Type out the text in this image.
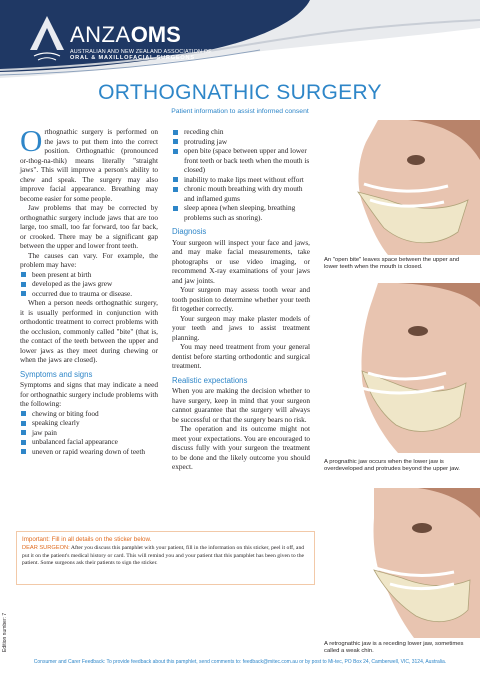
ANZAOMS
AUSTRALIAN AND NEW ZEALAND ASSOCIATION OF
ORAL & MAXILLOFACIAL SURGEONS
ORTHOGNATHIC SURGERY
Patient information to assist informed consent

Orthognathic surgery is performed on the jaws to put them into the correct position. Orthognathic (pronounced or-thog-na-thik) means literally "straight jaws". This will improve a person's ability to chew and speak. The surgery may also improve facial appearance. Breathing may become easier for some people.

Jaw problems that may be corrected by orthognathic surgery include jaws that are too large, too small, too far forward, too far back, or crooked. There may be a significant gap between the upper and lower front teeth.

The causes can vary. For example, the problem may have:

been present at birth
developed as the jaws grew
occurred due to trauma or disease.

When a person needs orthognathic surgery, it is usually performed in conjunction with orthodontic treatment to correct problems with the occlusion, commonly called "bite" (that is, the contact of the teeth between the upper and lower jaws as they meet during chewing or when the jaws are closed).

Symptoms and signs

Symptoms and signs that may indicate a need for orthognathic surgery include problems with the following:

chewing or biting food
speaking clearly
jaw pain
unbalanced facial appearance
uneven or rapid wearing down of teeth
receding chin
protruding jaw
open bite (space between upper and lower front teeth or back teeth when the mouth is closed)
inability to make lips meet without effort
chronic mouth breathing with dry mouth and inflamed gums
sleep apnea (when sleeping, breathing problems such as snoring).
Diagnosis

Your surgeon will inspect your face and jaws, and may make facial measurements, take photographs or use video imaging, or recommend X-ray examinations of your jaws and jaw joints.

Your surgeon may assess tooth wear and tooth position to determine whether your teeth fit together correctly.

Your surgeon may make plaster models of your teeth and jaws to assist treatment planning.

You may need treatment from your general dentist before starting orthodontic and surgical treatment.

Realistic expectations

When you are making the decision whether to have surgery, keep in mind that your surgeon cannot guarantee that the surgery will always be successful or that the surgery bears no risk.

The operation and its outcome might not meet your expectations. You are encouraged to discuss fully with your surgeon the treatment to be done and the likely outcome you should expect.

An "open bite" leaves space between the upper and lower teeth when the mouth is closed.
A prognathic jaw occurs when the lower jaw is overdeveloped and protrudes beyond the upper jaw.
A retrognathic jaw is a receding lower jaw, sometimes called a weak chin.
Important: Fill in all details on the sticker below.
DEAR SURGEON: After you discuss this pamphlet with your patient, fill in the information on this sticker, peel it off, and put it on the patient's medical history or card. This will remind you and your patient that this pamphlet has been given to the patient. Some surgeons ask their patients to sign the sticker.
Edition number: 7
Consumer and Carer Feedback: To provide feedback about this pamphlet, send comments to: feedback@mitec.com.au or by post to Mi-tec, PO Box 24, Camberwell, VIC, 3124, Australia.
